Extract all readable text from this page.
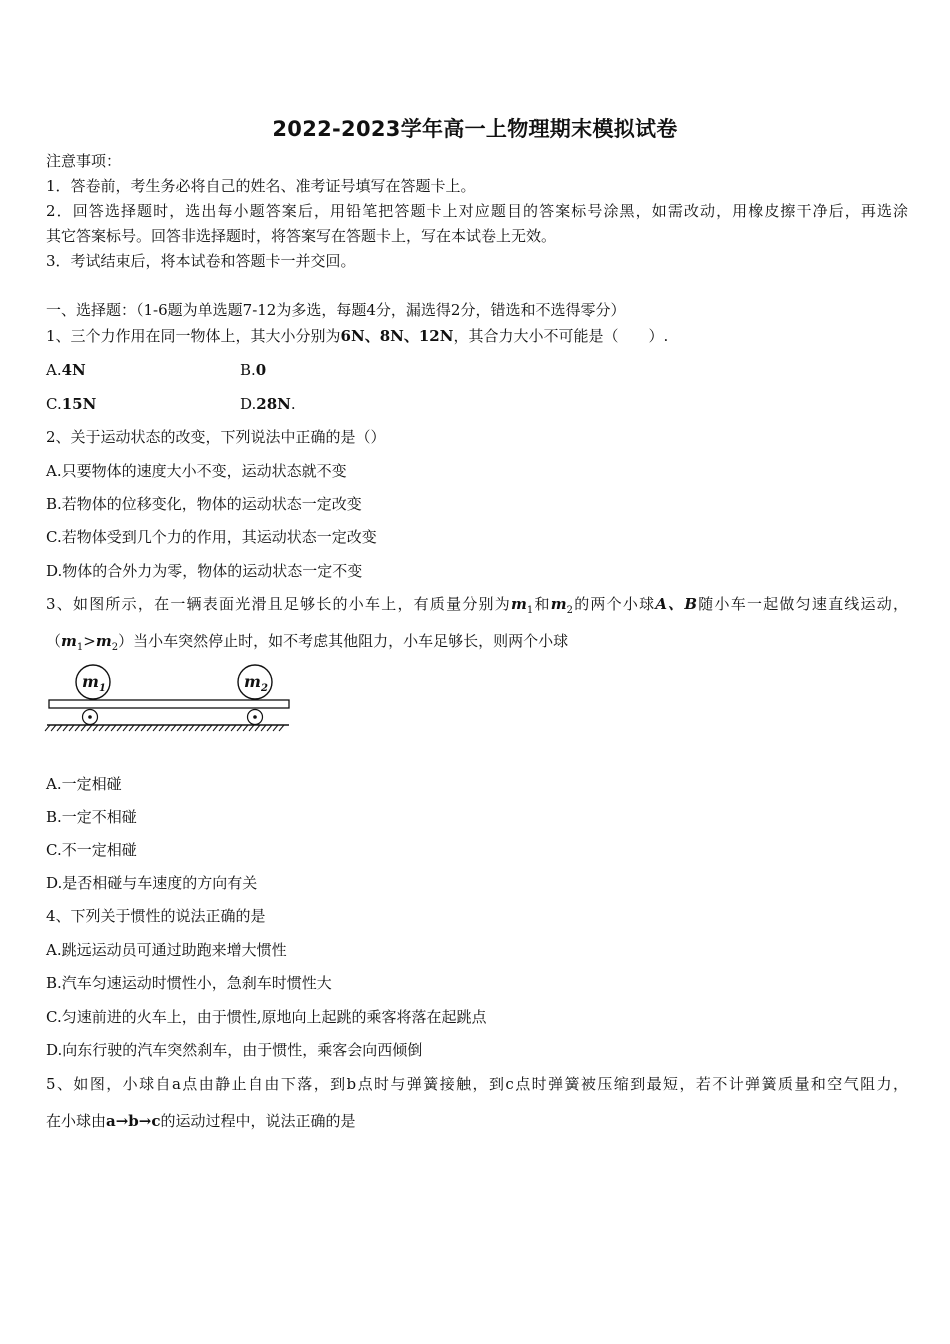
2022-2023学年高一上物理期末模拟试卷
注意事项：
1．答卷前，考生务必将自己的姓名、准考证号填写在答题卡上。
2．回答选择题时，选出每小题答案后，用铅笔把答题卡上对应题目的答案标号涂黑，如需改动，用橡皮擦干净后，再选涂
其它答案标号。回答非选择题时，将答案写在答题卡上，写在本试卷上无效。
3．考试结束后，将本试卷和答题卡一并交回。
一、选择题：（1-6题为单选题7-12为多选，每题4分，漏选得2分，错选和不选得零分）
1、三个力作用在同一物体上，其大小分别为6N、8N、12N，其合力大小不可能是（　　）.
A.4N	B.0
C.15N	D.28N.
2、关于运动状态的改变，下列说法中正确的是（）
A.只要物体的速度大小不变，运动状态就不变
B.若物体的位移变化，物体的运动状态一定改变
C.若物体受到几个力的作用，其运动状态一定改变
D.物体的合外力为零，物体的运动状态一定不变
3、如图所示，在一辆表面光滑且足够长的小车上，有质量分别为$m_1$和$m_2$的两个小球A、B随小车一起做匀速直线运动，
$(m_1>m_2)$当小车突然停止时，如不考虑其他阻力，小车足够长，则两个小球
$m_1$	$m_2$
A.一定相碰
B.一定不相碰
C.不一定相碰
D.是否相碰与车速度的方向有关
4、下列关于惯性的说法正确的是
A.跳远运动员可通过助跑来增大惯性
B.汽车匀速运动时惯性小，急刹车时惯性大
C.匀速前进的火车上，由于惯性,原地向上起跳的乘客将落在起跳点
D.向东行驶的汽车突然刹车，由于惯性，乘客会向西倾倒
5、如图，小球自a点由静止自由下落，到b点时与弹簧接触，到c点时弹簧被压缩到最短，若不计弹簧质量和空气阻力，
在小球由a→b→c的运动过程中，说法正确的是
